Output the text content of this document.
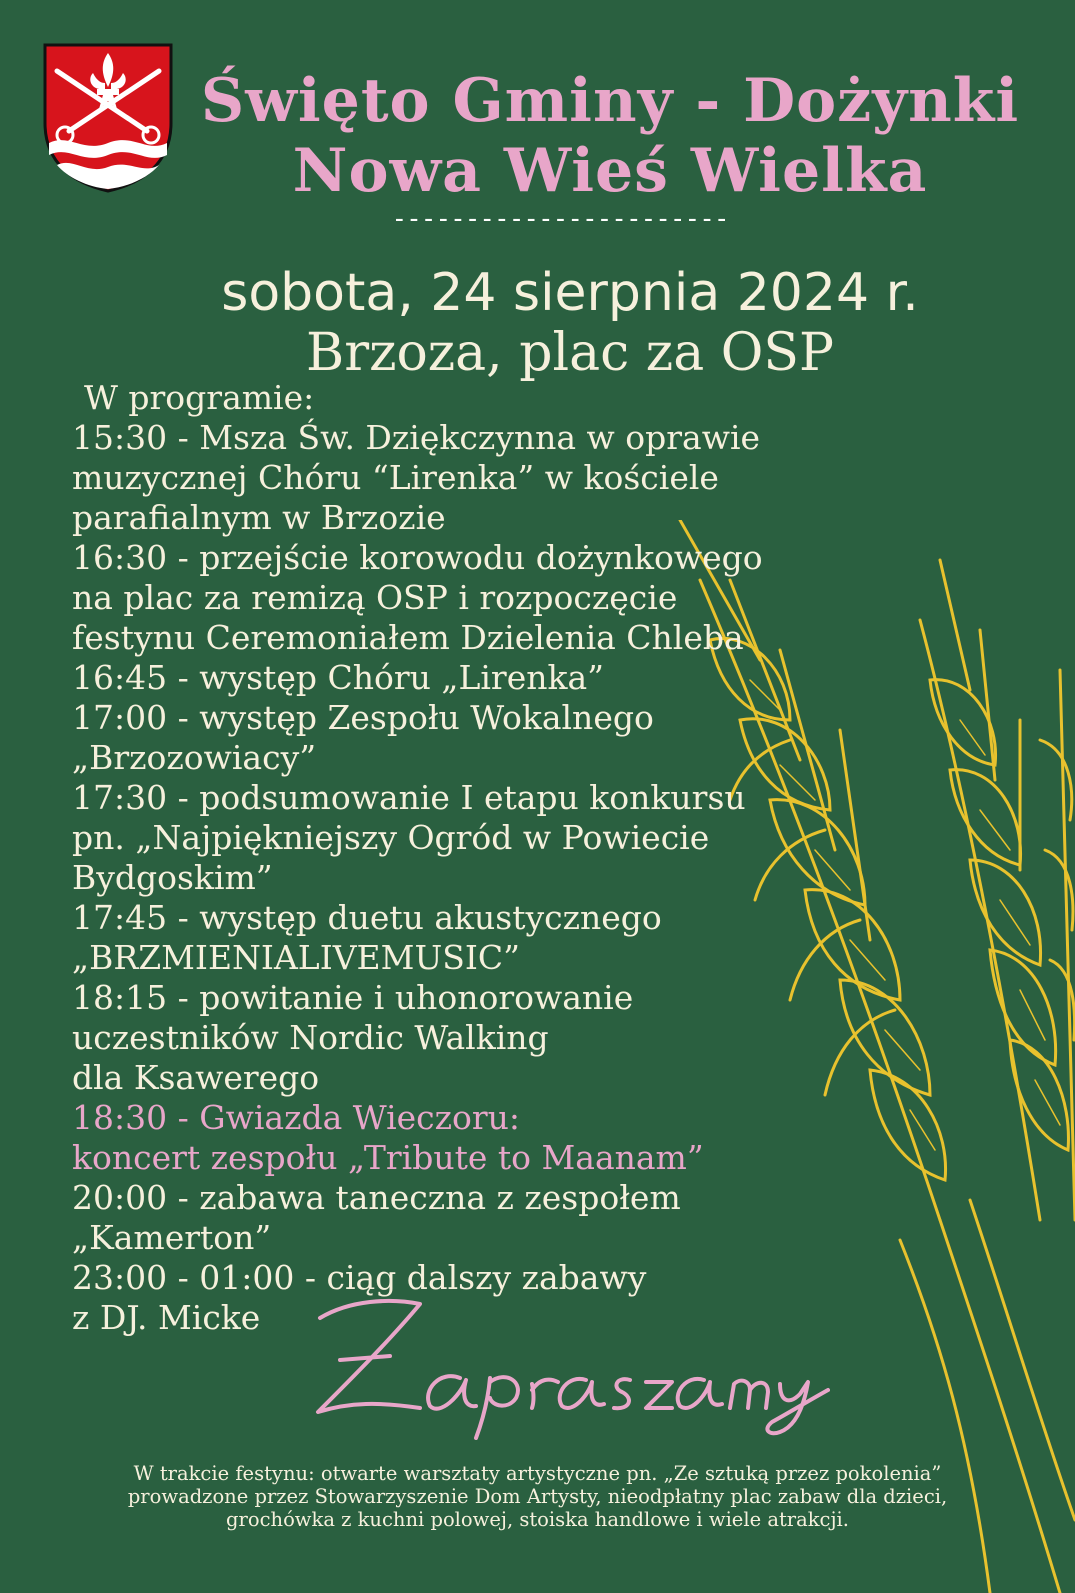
Święto Gminy - Dożynki
Nowa Wieś Wielka
-----------------------
sobota, 24 sierpnia 2024 r.
Brzoza, plac za OSP
W programie:
15:30 - Msza Św. Dziękczynna w oprawie
muzycznej Chóru “Lirenka” w kościele
parafialnym w Brzozie
16:30 - przejście korowodu dożynkowego
na plac za remizą OSP i rozpoczęcie
festynu Ceremoniałem Dzielenia Chleba
16:45 - występ Chóru „Lirenka”
17:00 - występ Zespołu Wokalnego
„Brzozowiacy”
17:30 - podsumowanie I etapu konkursu
pn. „Najpiękniejszy Ogród w Powiecie
Bydgoskim”
17:45 - występ duetu akustycznego
„BRZMIENIALIVEMUSIC”
18:15 - powitanie i uhonorowanie
uczestników Nordic Walking
dla Ksawerego
18:30 - Gwiazda Wieczoru:
koncert zespołu „Tribute to Maanam”
20:00 - zabawa taneczna z zespołem
„Kamerton”
23:00 - 01:00 - ciąg dalszy zabawy
z DJ. Micke
W trakcie festynu: otwarte warsztaty artystyczne pn. „Ze sztuką przez pokolenia”
prowadzone przez Stowarzyszenie Dom Artysty, nieodpłatny plac zabaw dla dzieci,
grochówka z kuchni polowej, stoiska handlowe i wiele atrakcji.
